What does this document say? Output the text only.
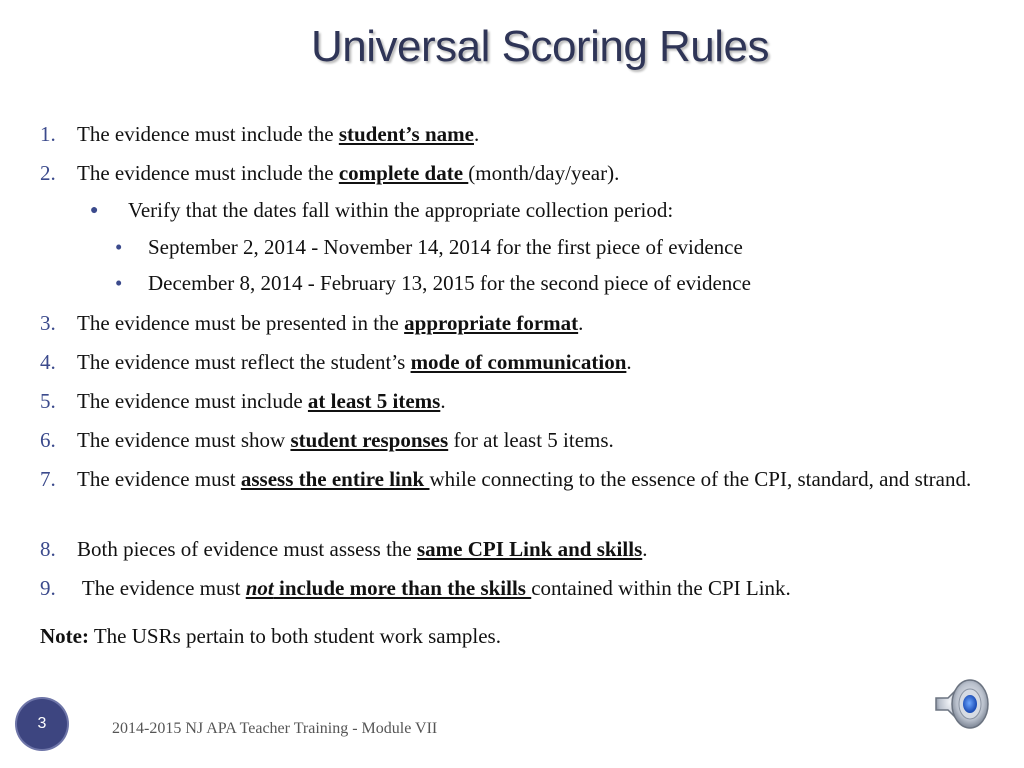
Universal Scoring Rules
1. The evidence must include the student’s name.
2. The evidence must include the complete date (month/day/year).
● Verify that the dates fall within the appropriate collection period:
• September 2, 2014 - November 14, 2014 for the first piece of evidence
• December 8, 2014 - February 13, 2015 for the second piece of evidence
3. The evidence must be presented in the appropriate format.
4. The evidence must reflect the student’s mode of communication.
5. The evidence must include at least 5 items.
6. The evidence must show student responses for at least 5 items.
7. The evidence must assess the entire link while connecting to the essence of the CPI, standard, and strand.
8. Both pieces of evidence must assess the same CPI Link and skills.
9. The evidence must not include more than the skills contained within the CPI Link.
Note: The USRs pertain to both student work samples.
3	2014-2015 NJ APA Teacher Training - Module VII
